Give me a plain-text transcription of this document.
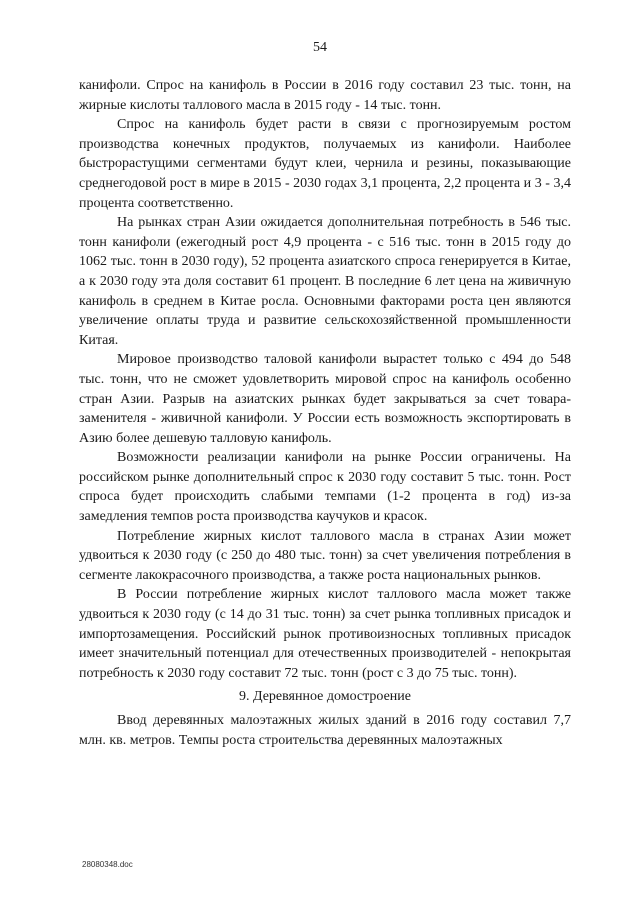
54

канифоли. Спрос на канифоль в России в 2016 году составил 23 тыс. тонн, на жирные кислоты таллового масла в 2015 году - 14 тыс. тонн.

Спрос на канифоль будет расти в связи с прогнозируемым ростом производства конечных продуктов, получаемых из канифоли. Наиболее быстрорастущими сегментами будут клеи, чернила и резины, показывающие среднегодовой рост в мире в 2015 - 2030 годах 3,1 процента, 2,2 процента и 3 - 3,4 процента соответственно.

На рынках стран Азии ожидается дополнительная потребность в 546 тыс. тонн канифоли (ежегодный рост 4,9 процента - с 516 тыс. тонн в 2015 году до 1062 тыс. тонн в 2030 году), 52 процента азиатского спроса генерируется в Китае, а к 2030 году эта доля составит 61 процент. В последние 6 лет цена на живичную канифоль в среднем в Китае росла. Основными факторами роста цен являются увеличение оплаты труда и развитие сельскохозяйственной промышленности Китая.

Мировое производство таловой канифоли вырастет только с 494 до 548 тыс. тонн, что не сможет удовлетворить мировой спрос на канифоль особенно стран Азии. Разрыв на азиатских рынках будет закрываться за счет товара-заменителя - живичной канифоли. У России есть возможность экспортировать в Азию более дешевую талловую канифоль.

Возможности реализации канифоли на рынке России ограничены. На российском рынке дополнительный спрос к 2030 году составит 5 тыс. тонн. Рост спроса будет происходить слабыми темпами (1-2 процента в год) из-за замедления темпов роста производства каучуков и красок.

Потребление жирных кислот таллового масла в странах Азии может удвоиться к 2030 году (с 250 до 480 тыс. тонн) за счет увеличения потребления в сегменте лакокрасочного производства, а также роста национальных рынков.

В России потребление жирных кислот таллового масла может также удвоиться к 2030 году (с 14 до 31 тыс. тонн) за счет рынка топливных присадок и импортозамещения. Российский рынок противоизносных топливных присадок имеет значительный потенциал для отечественных производителей - непокрытая потребность к 2030 году составит 72 тыс. тонн (рост с 3 до 75 тыс. тонн).

9. Деревянное домостроение

Ввод деревянных малоэтажных жилых зданий в 2016 году составил 7,7 млн. кв. метров. Темпы роста строительства деревянных малоэтажных

28080348.doc
